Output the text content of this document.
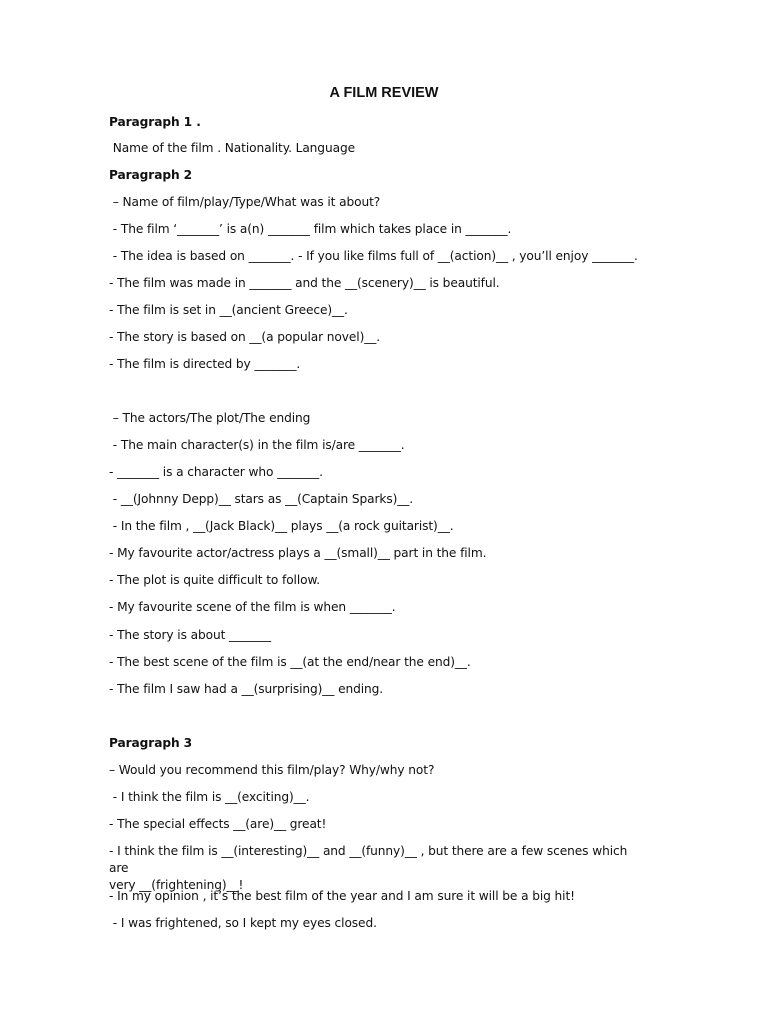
A FILM REVIEW
Paragraph 1 .
Name of the film . Nationality. Language
Paragraph 2
– Name of film/play/Type/What was it about?
- The film ‘_______’ is a(n) _______ film which takes place in _______.
- The idea is based on _______. - If you like films full of __(action)__ , you’ll enjoy _______.
- The film was made in _______ and the __(scenery)__ is beautiful.
- The film is set in __(ancient Greece)__.
- The story is based on __(a popular novel)__.
- The film is directed by _______.
– The actors/The plot/The ending
- The main character(s) in the film is/are _______.
- _______ is a character who _______.
- __(Johnny Depp)__ stars as __(Captain Sparks)__.
- In the film , __(Jack Black)__ plays __(a rock guitarist)__.
- My favourite actor/actress plays a __(small)__ part in the film.
- The plot is quite difficult to follow.
- My favourite scene of the film is when _______.
- The story is about _______
- The best scene of the film is __(at the end/near the end)__.
- The film I saw had a __(surprising)__ ending.
Paragraph 3
– Would you recommend this film/play? Why/why not?
- I think the film is __(exciting)__.
- The special effects __(are)__ great!
- I think the film is __(interesting)__ and __(funny)__ , but there are a few scenes which are
very __(frightening)__!
- In my opinion , it’s the best film of the year and I am sure it will be a big hit!
- I was frightened, so I kept my eyes closed.
